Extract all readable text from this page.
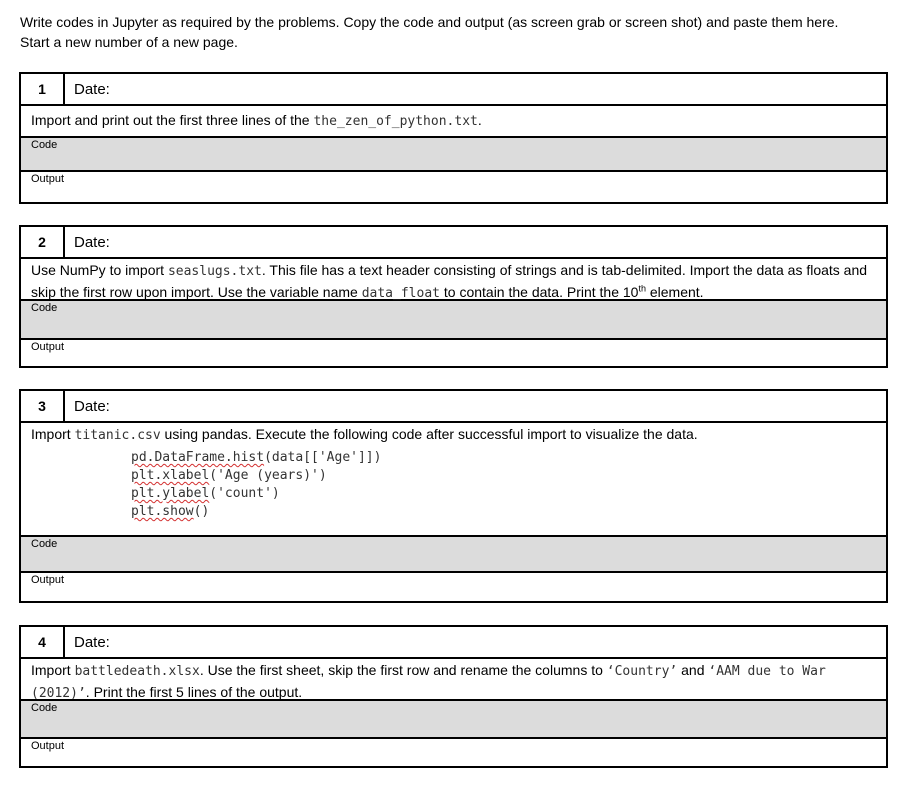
Write codes in Jupyter as required by the problems. Copy the code and output (as screen grab or screen shot) and paste them here.
Start a new number of a new page.
1	Date:
Import and print out the first three lines of the the_zen_of_python.txt.
Code
Output
2	Date:
Use NumPy to import seaslugs.txt. This file has a text header consisting of strings and is tab-delimited. Import the data as floats and skip the first row upon import. Use the variable name data_float to contain the data. Print the 10th element.
Code
Output
3	Date:
Import titanic.csv using pandas. Execute the following code after successful import to visualize the data.
pd.DataFrame.hist(data[['Age']])
plt.xlabel('Age (years)')
plt.ylabel('count')
plt.show()
Code
Output
4	Date:
Import battledeath.xlsx. Use the first sheet, skip the first row and rename the columns to ‘Country’ and ‘AAM due to War (2012)’. Print the first 5 lines of the output.
Code
Output
